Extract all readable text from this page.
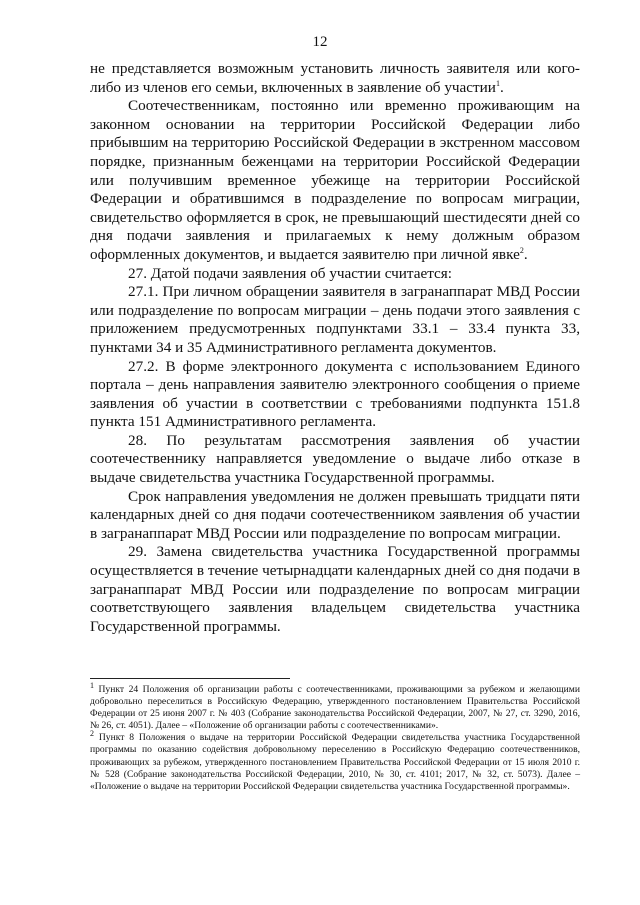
12

не представляется возможным установить личность заявителя или кого-либо из членов его семьи, включенных в заявление об участии$^1$.

Соотечественникам, постоянно или временно проживающим на законном основании на территории Российской Федерации либо прибывшим на территорию Российской Федерации в экстренном массовом порядке, признанным беженцами на территории Российской Федерации или получившим временное убежище на территории Российской Федерации и обратившимся в подразделение по вопросам миграции, свидетельство оформляется в срок, не превышающий шестидесяти дней со дня подачи заявления и прилагаемых к нему должным образом оформленных документов, и выдается заявителю при личной явке$^2$.

27. Датой подачи заявления об участии считается:

27.1. При личном обращении заявителя в загранаппарат МВД России или подразделение по вопросам миграции – день подачи этого заявления с приложением предусмотренных подпунктами 33.1 – 33.4 пункта 33, пунктами 34 и 35 Административного регламента документов.

27.2. В форме электронного документа с использованием Единого портала – день направления заявителю электронного сообщения о приеме заявления об участии в соответствии с требованиями подпункта 151.8 пункта 151 Административного регламента.

28. По результатам рассмотрения заявления об участии соотечественнику направляется уведомление о выдаче либо отказе в выдаче свидетельства участника Государственной программы.

Срок направления уведомления не должен превышать тридцати пяти календарных дней со дня подачи соотечественником заявления об участии в загранаппарат МВД России или подразделение по вопросам миграции.

29. Замена свидетельства участника Государственной программы осуществляется в течение четырнадцати календарных дней со дня подачи в загранаппарат МВД России или подразделение по вопросам миграции соответствующего заявления владельцем свидетельства участника Государственной программы.

$^1$ Пункт 24 Положения об организации работы с соотечественниками, проживающими за рубежом и желающими добровольно переселиться в Российскую Федерацию, утвержденного постановлением Правительства Российской Федерации от 25 июня 2007 г. № 403 (Собрание законодательства Российской Федерации, 2007, № 27, ст. 3290, 2016, № 26, ст. 4051). Далее – «Положение об организации работы с соотечественниками».

$^2$ Пункт 8 Положения о выдаче на территории Российской Федерации свидетельства участника Государственной программы по оказанию содействия добровольному переселению в Российскую Федерацию соотечественников, проживающих за рубежом, утвержденного постановлением Правительства Российской Федерации от 15 июля 2010 г. № 528 (Собрание законодательства Российской Федерации, 2010, № 30, ст. 4101; 2017, № 32, ст. 5073). Далее – «Положение о выдаче на территории Российской Федерации свидетельства участника Государственной программы».
